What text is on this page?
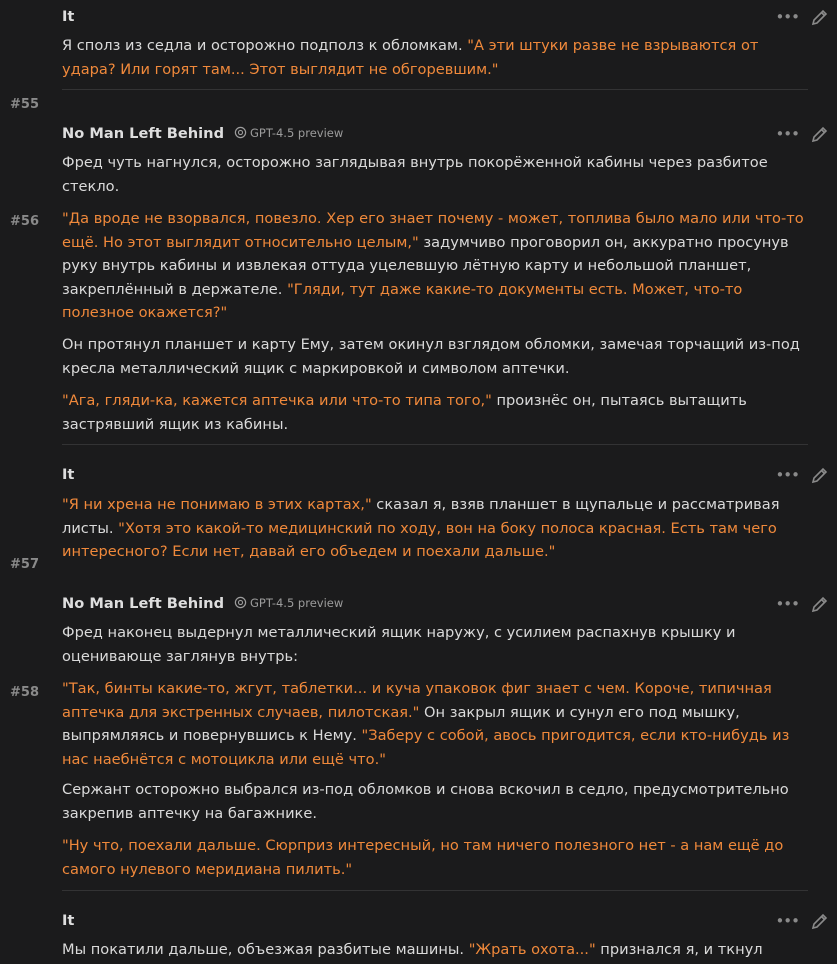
It	•••
Я сполз из седла и осторожно подполз к обломкам. "А эти штуки разве не взрываются от удара? Или горят там... Этот выглядит не обгоревшим."
#55
No Man Left Behind GPT-4.5 preview	•••
Фред чуть нагнулся, осторожно заглядывая внутрь покорёженной кабины через разбитое стекло.
#56 "Да вроде не взорвался, повезло. Хер его знает почему - может, топлива было мало или что-то ещё. Но этот выглядит относительно целым," задумчиво проговорил он, аккуратно просунув руку внутрь кабины и извлекая оттуда уцелевшую лётную карту и небольшой планшет, закреплённый в держателе. "Гляди, тут даже какие-то документы есть. Может, что-то полезное окажется?"
Он протянул планшет и карту Ему, затем окинул взглядом обломки, замечая торчащий из-под кресла металлический ящик с маркировкой и символом аптечки.
"Ага, гляди-ка, кажется аптечка или что-то типа того," произнёс он, пытаясь вытащить застрявший ящик из кабины.
It	•••
"Я ни хрена не понимаю в этих картах," сказал я, взяв планшет в щупальце и рассматривая листы. "Хотя это какой-то медицинский по ходу, вон на боку полоса красная. Есть там чего интересного? Если нет, давай его объедем и поехали дальше."
#57
No Man Left Behind GPT-4.5 preview	•••
Фред наконец выдернул металлический ящик наружу, с усилием распахнув крышку и оценивающе заглянув внутрь:
#58 "Так, бинты какие-то, жгут, таблетки... и куча упаковок фиг знает с чем. Короче, типичная аптечка для экстренных случаев, пилотская." Он закрыл ящик и сунул его под мышку, выпрямляясь и повернувшись к Нему. "Заберу с собой, авось пригодится, если кто-нибудь из нас наебнётся с мотоцикла или ещё что."
Сержант осторожно выбрался из-под обломков и снова вскочил в седло, предусмотрительно закрепив аптечку на багажнике.
"Ну что, поехали дальше. Сюрприз интересный, но там ничего полезного нет - а нам ещё до самого нулевого меридиана пилить."
It	•••
Мы покатили дальше, объезжая разбитые машины. "Жрать охота..." признался я, и ткнул
